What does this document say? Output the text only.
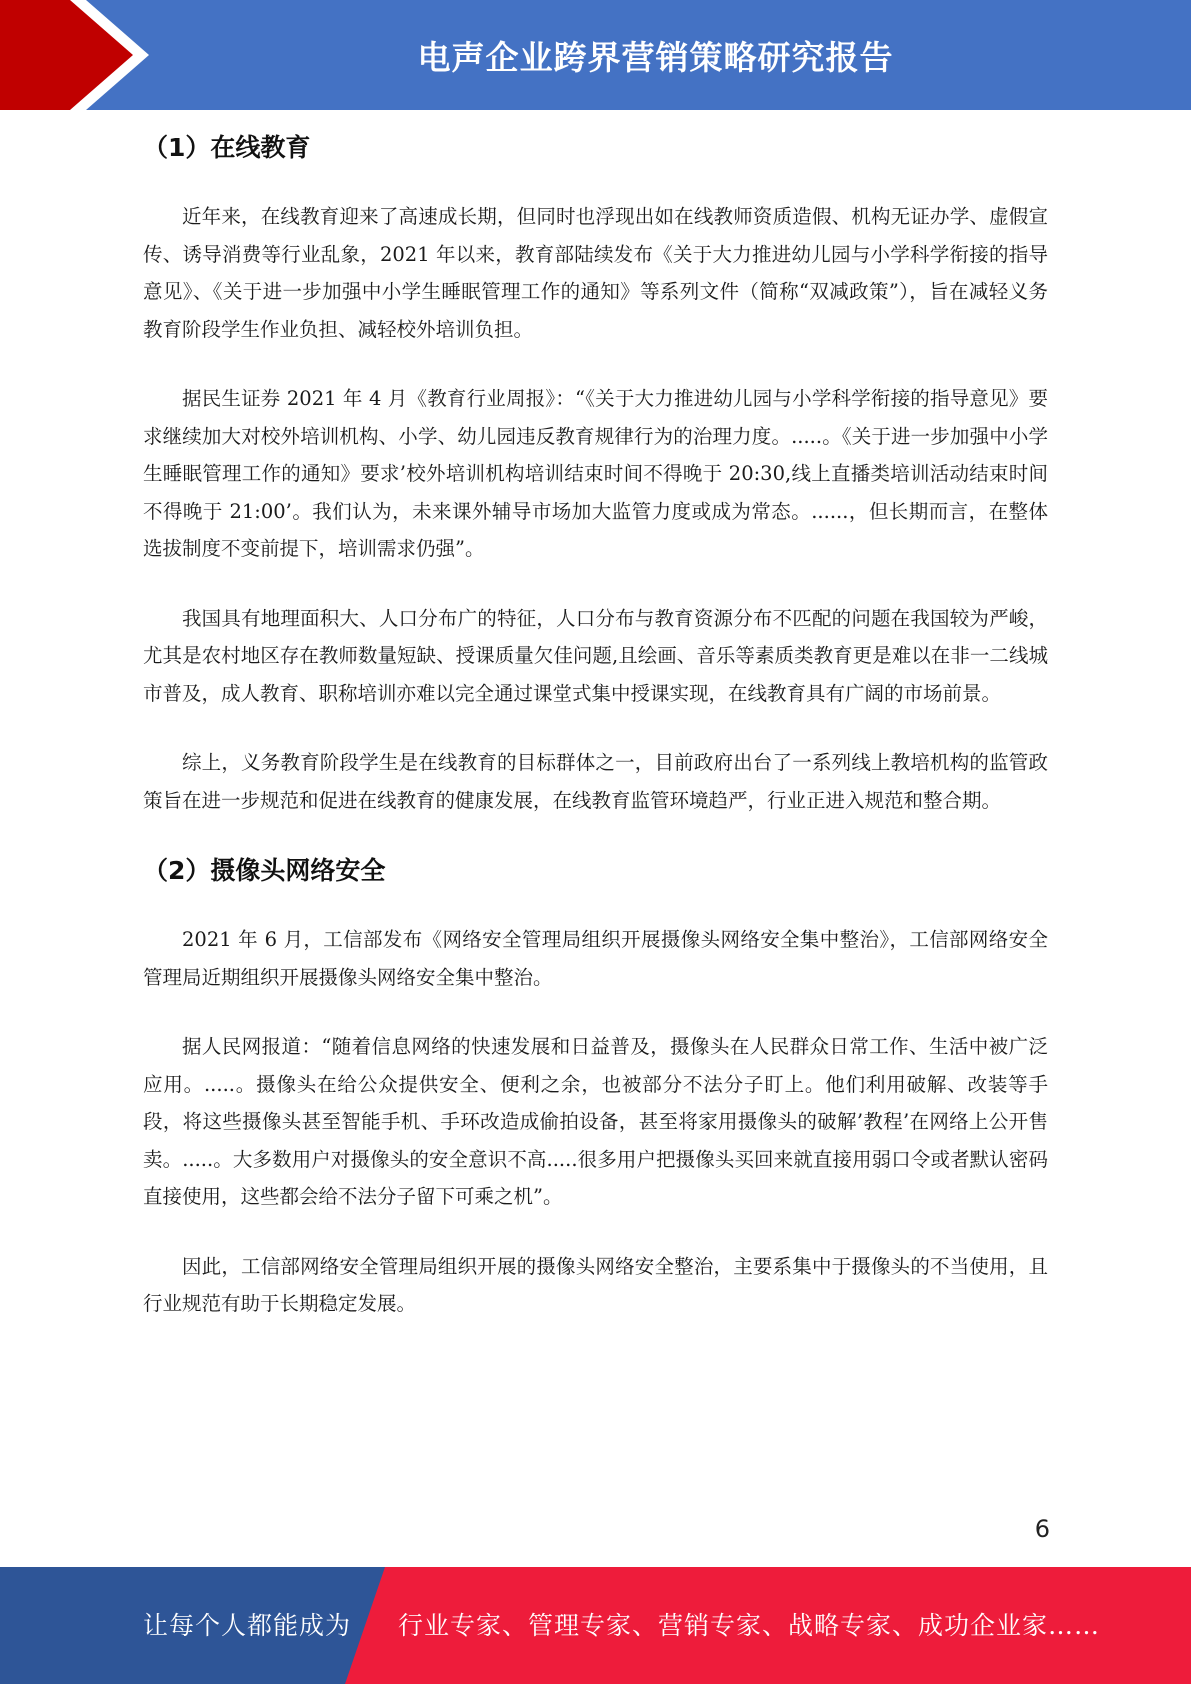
电声企业跨界营销策略研究报告
（1）在线教育

近年来，在线教育迎来了高速成长期，但同时也浮现出如在线教师资质造假、机构无证办学、虚假宣传、诱导消费等行业乱象，2021 年以来，教育部陆续发布《关于大力推进幼儿园与小学科学衔接的指导意见》、《关于进一步加强中小学生睡眠管理工作的通知》等系列文件（简称“双减政策”），旨在减轻义务教育阶段学生作业负担、减轻校外培训负担。

据民生证券 2021 年 4 月《教育行业周报》：“《关于大力推进幼儿园与小学科学衔接的指导意见》要求继续加大对校外培训机构、小学、幼儿园违反教育规律行为的治理力度。.....。《关于进一步加强中小学生睡眠管理工作的通知》要求’校外培训机构培训结束时间不得晚于 20:30,线上直播类培训活动结束时间不得晚于 21:00’。我们认为，未来课外辅导市场加大监管力度或成为常态。......，但长期而言，在整体选拔制度不变前提下，培训需求仍强”。

我国具有地理面积大、人口分布广的特征，人口分布与教育资源分布不匹配的问题在我国较为严峻，尤其是农村地区存在教师数量短缺、授课质量欠佳问题,且绘画、音乐等素质类教育更是难以在非一二线城市普及，成人教育、职称培训亦难以完全通过课堂式集中授课实现，在线教育具有广阔的市场前景。

综上，义务教育阶段学生是在线教育的目标群体之一，目前政府出台了一系列线上教培机构的监管政策旨在进一步规范和促进在线教育的健康发展，在线教育监管环境趋严，行业正进入规范和整合期。

（2）摄像头网络安全

2021 年 6 月，工信部发布《网络安全管理局组织开展摄像头网络安全集中整治》，工信部网络安全管理局近期组织开展摄像头网络安全集中整治。

据人民网报道：“随着信息网络的快速发展和日益普及，摄像头在人民群众日常工作、生活中被广泛应用。.....。摄像头在给公众提供安全、便利之余，也被部分不法分子盯上。他们利用破解、改装等手段，将这些摄像头甚至智能手机、手环改造成偷拍设备，甚至将家用摄像头的破解’教程’在网络上公开售卖。.....。大多数用户对摄像头的安全意识不高.....很多用户把摄像头买回来就直接用弱口令或者默认密码直接使用，这些都会给不法分子留下可乘之机”。

因此，工信部网络安全管理局组织开展的摄像头网络安全整治，主要系集中于摄像头的不当使用，且行业规范有助于长期稳定发展。

6
让每个人都能成为 行业专家、管理专家、营销专家、战略专家、成功企业家……
